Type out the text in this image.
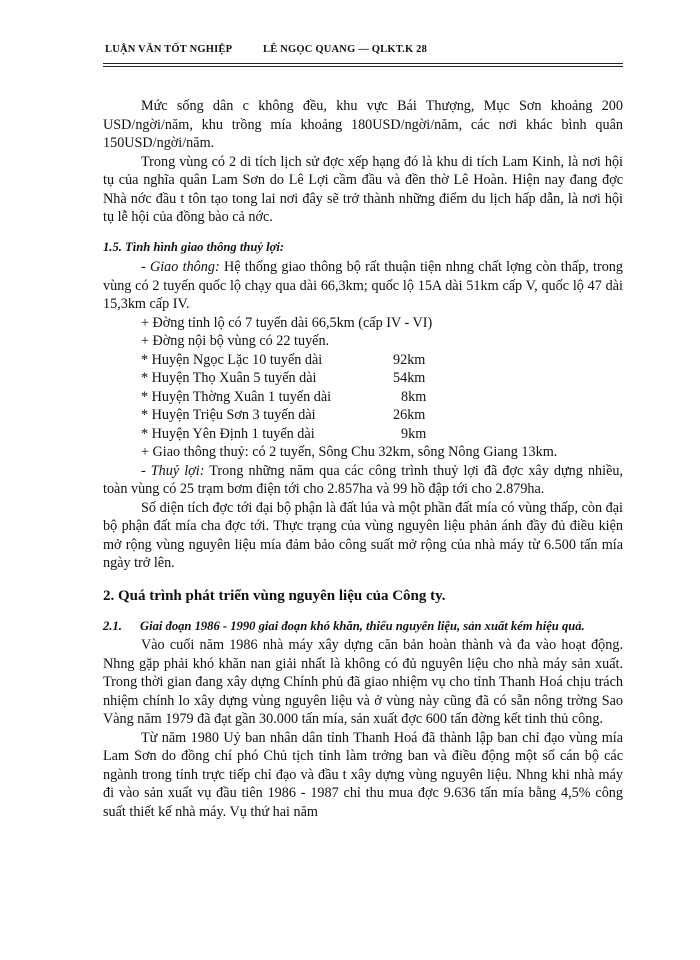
LUẬN VĂN TỐT NGHIỆP	LÊ NGỌC QUANG — QLKT.K 28

Mức sống dân c không đều, khu vực Bái Thượng, Mục Sơn khoảng 200 USD/ngời/năm, khu trồng mía khoảng 180USD/ngời/năm, các nơi khác bình quân 150USD/ngời/năm.

Trong vùng có 2 di tích lịch sử đợc xếp hạng đó là khu di tích Lam Kinh, là nơi hội tụ của nghĩa quân Lam Sơn do Lê Lợi cầm đầu và đền thờ Lê Hoàn. Hiện nay đang đợc Nhà nớc đầu t tôn tạo tong lai nơi đây sẽ trở thành những điểm du lịch hấp dẫn, là nơi hội tụ lễ hội của đồng bào cả nớc.

1.5. Tình hình giao thông thuỷ lợi:

- Giao thông: Hệ thống giao thông bộ rất thuận tiện nhng chất lợng còn thấp, trong vùng có 2 tuyến quốc lộ chạy qua dài 66,3km; quốc lộ 15A dài 51km cấp V, quốc lộ 47 dài 15,3km cấp IV.

+ Đờng tỉnh lộ có 7 tuyến dài 66,5km (cấp IV - VI)

+ Đờng nội bộ vùng có 22 tuyến.

* Huyện Ngọc Lặc 10 tuyến dài	92km
* Huyện Thọ Xuân 5 tuyến dài	54km
* Huyện Thờng Xuân 1 tuyến dài	8km
* Huyện Triệu Sơn 3 tuyến dài	26km
* Huyện Yên Định 1 tuyến dài	9km

+ Giao thông thuỷ: có 2 tuyến, Sông Chu 32km, sông Nông Giang 13km.

- Thuỷ lợi: Trong những năm qua các công trình thuỷ lợi đã đợc xây dựng nhiều, toàn vùng có 25 trạm bơm điện tới cho 2.857ha và 99 hồ đập tới cho 2.879ha.

Số diện tích đợc tới đại bộ phận là đất lúa và một phần đất mía có vùng thấp, còn đại bộ phận đất mía cha đợc tới. Thực trạng của vùng nguyên liệu phản ánh đầy đủ điều kiện mở rộng vùng nguyên liệu mía đảm bảo công suất mở rộng của nhà máy từ 6.500 tấn mía ngày trở lên.

2. Quá trình phát triển vùng nguyên liệu của Công ty.

2.1. Giai đoạn 1986 - 1990 giai đoạn khó khăn, thiếu nguyên liệu, sản xuất kém hiệu quả.

Vào cuối năm 1986 nhà máy xây dựng căn bản hoàn thành và đa vào hoạt động. Nhng gặp phải khó khăn nan giải nhất là không có đủ nguyên liệu cho nhà máy sản xuất. Trong thời gian đang xây dựng Chính phủ đã giao nhiệm vụ cho tỉnh Thanh Hoá chịu trách nhiệm chính lo xây dựng vùng nguyên liệu và ở vùng này cũng đã có sẵn nông trờng Sao Vàng năm 1979 đã đạt gần 30.000 tấn mía, sản xuất đợc 600 tấn đờng kết tinh thủ công.

Từ năm 1980 Uỷ ban nhân dân tỉnh Thanh Hoá đã thành lập ban chỉ đạo vùng mía Lam Sơn do đồng chí phó Chủ tịch tỉnh làm trởng ban và điều động một số cán bộ các ngành trong tỉnh trực tiếp chỉ đạo và đầu t xây dựng vùng nguyên liệu. Nhng khi nhà máy đi vào sản xuất vụ đầu tiên 1986 - 1987 chỉ thu mua đợc 9.636 tấn mía bằng 4,5% công suất thiết kế nhà máy. Vụ thứ hai năm
